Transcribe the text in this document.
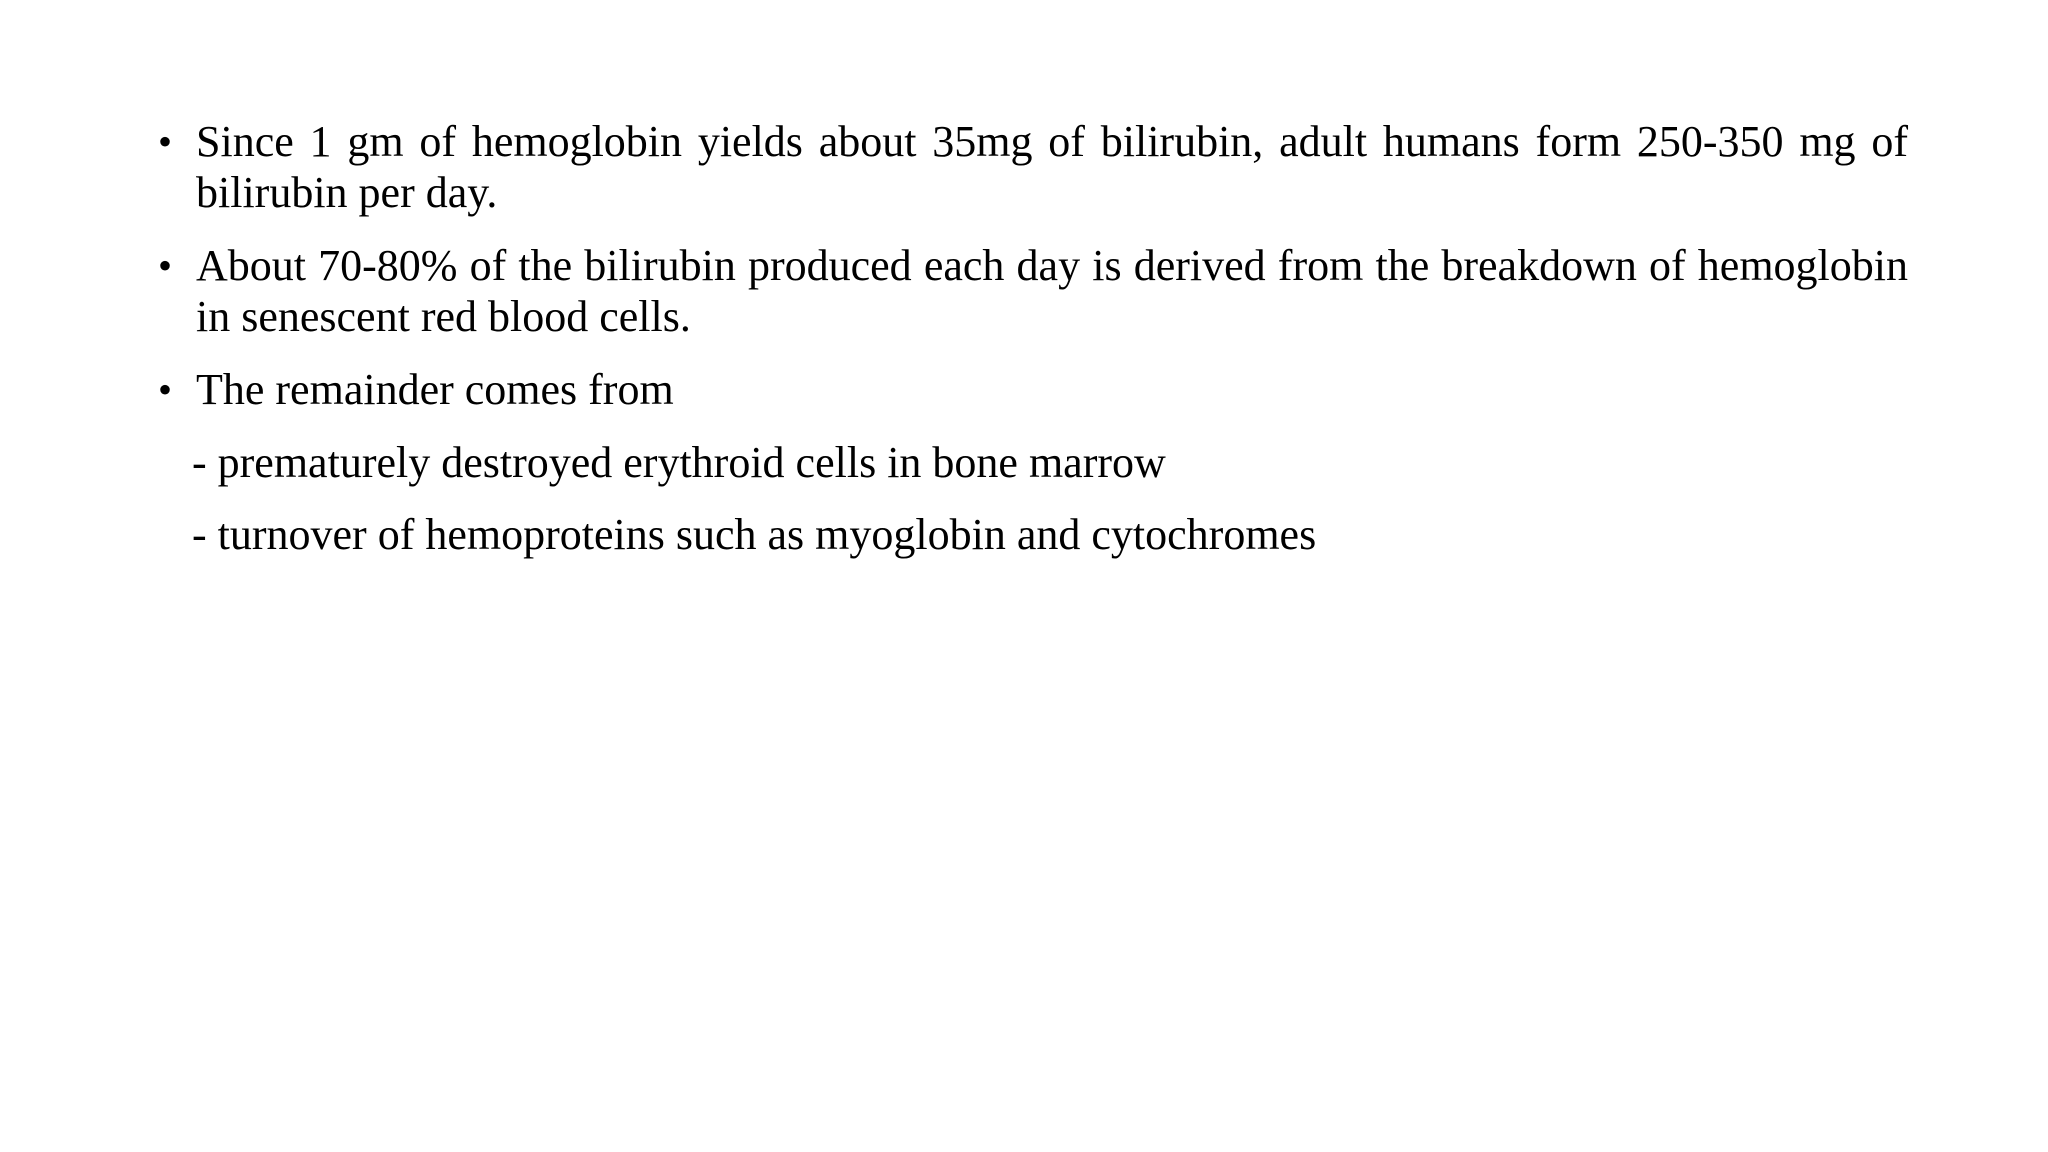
• Since 1 gm of hemoglobin yields about 35mg of bilirubin, adult humans form 250-350 mg of bilirubin per day.
• About 70-80% of the bilirubin produced each day is derived from the breakdown of hemoglobin in senescent red blood cells.
• The remainder comes from
- prematurely destroyed erythroid cells in bone marrow
- turnover of hemoproteins such as myoglobin and cytochromes
